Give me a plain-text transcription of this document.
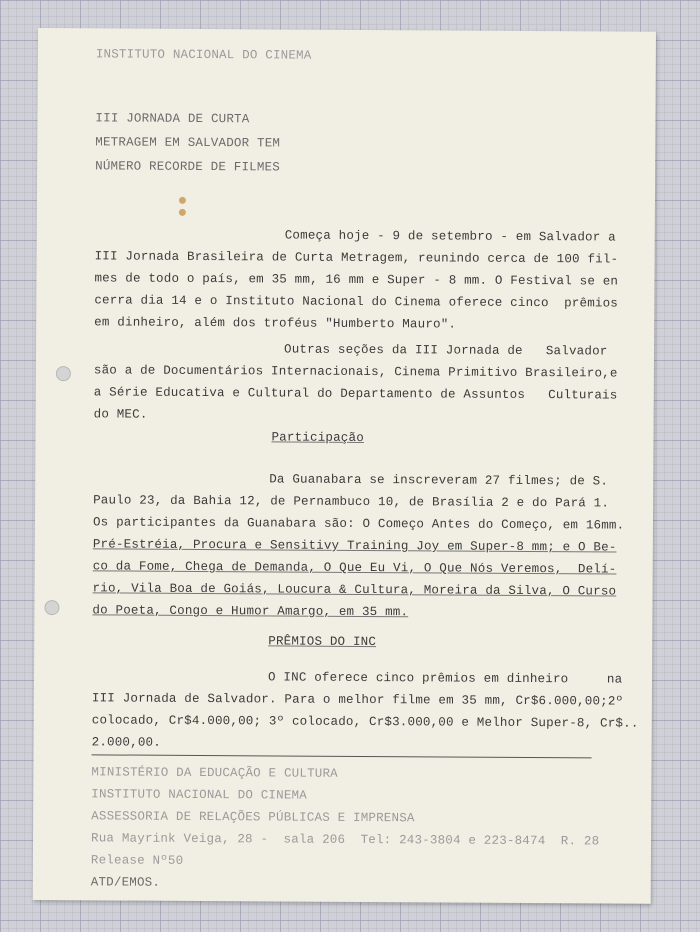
INSTITUTO NACIONAL DO CINEMA
III JORNADA DE CURTA
METRAGEM EM SALVADOR TEM
NÚMERO RECORDE DE FILMES
Começa hoje - 9 de setembro - em Salvador a
III Jornada Brasileira de Curta Metragem, reunindo cerca de 100 fil-
mes de todo o país, em 35 mm, 16 mm e Super - 8 mm. O Festival se en
cerra dia 14 e o Instituto Nacional do Cinema oferece cinco  prêmios
em dinheiro, além dos troféus "Humberto Mauro".
Outras seções da III Jornada de   Salvador
são a de Documentários Internacionais, Cinema Primitivo Brasileiro,e
a Série Educativa e Cultural do Departamento de Assuntos   Culturais
do MEC.
Participação
Da Guanabara se inscreveram 27 filmes; de S.
Paulo 23, da Bahia 12, de Pernambuco 10, de Brasília 2 e do Pará 1.
Os participantes da Guanabara são: O Começo Antes do Começo, em 16mm.
Pré-Estréia, Procura e Sensitivy Training Joy em Super-8 mm; e O Be-
co da Fome, Chega de Demanda, O Que Eu Vi, O Que Nós Veremos,  Delí-
rio, Vila Boa de Goiás, Loucura & Cultura, Moreira da Silva, O Curso
do Poeta, Congo e Humor Amargo, em 35 mm.
PRÊMIOS DO INC
O INC oferece cinco prêmios em dinheiro     na
III Jornada de Salvador. Para o melhor filme em 35 mm, Cr$6.000,00;2º
colocado, Cr$4.000,00; 3º colocado, Cr$3.000,00 e Melhor Super-8, Cr$..
2.000,00.
MINISTÉRIO DA EDUCAÇÃO E CULTURA
INSTITUTO NACIONAL DO CINEMA
ASSESSORIA DE RELAÇÕES PÚBLICAS E IMPRENSA
Rua Mayrink Veiga, 28 -  sala 206  Tel: 243-3804 e 223-8474  R. 28
Release Nº50
ATD/EMOS.
